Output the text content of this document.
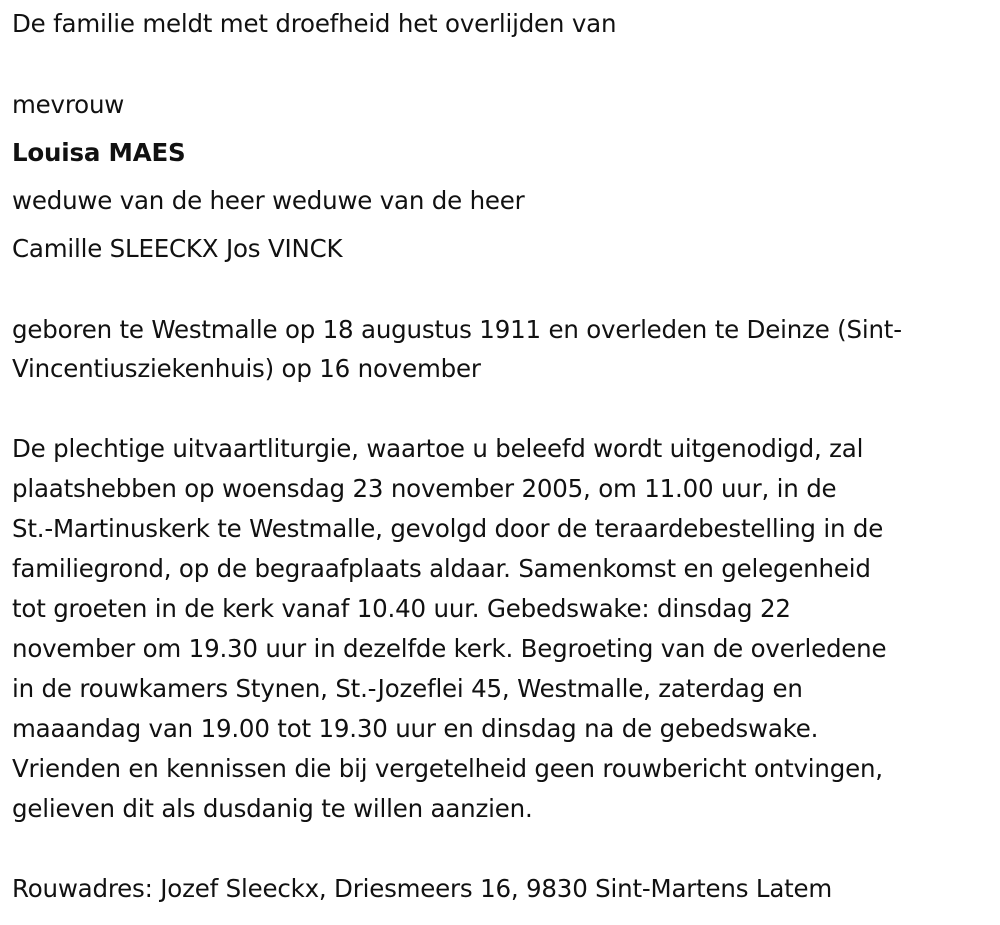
De familie meldt met droefheid het overlijden van
mevrouw
Louisa MAES
weduwe van de heer weduwe van de heer
Camille SLEECKX Jos VINCK
geboren te Westmalle op 18 augustus 1911 en overleden te Deinze (Sint-
Vincentiusziekenhuis) op 16 november
De plechtige uitvaartliturgie, waartoe u beleefd wordt uitgenodigd, zal
plaatshebben op woensdag 23 november 2005, om 11.00 uur, in de
St.-Martinuskerk te Westmalle, gevolgd door de teraardebestelling in de
familiegrond, op de begraafplaats aldaar. Samenkomst en gelegenheid
tot groeten in de kerk vanaf 10.40 uur. Gebedswake: dinsdag 22
november om 19.30 uur in dezelfde kerk. Begroeting van de overledene
in de rouwkamers Stynen, St.-Jozeflei 45, Westmalle, zaterdag en
maaandag van 19.00 tot 19.30 uur en dinsdag na de gebedswake.
Vrienden en kennissen die bij vergetelheid geen rouwbericht ontvingen,
gelieven dit als dusdanig te willen aanzien.
Rouwadres: Jozef Sleeckx, Driesmeers 16, 9830 Sint-Martens Latem
